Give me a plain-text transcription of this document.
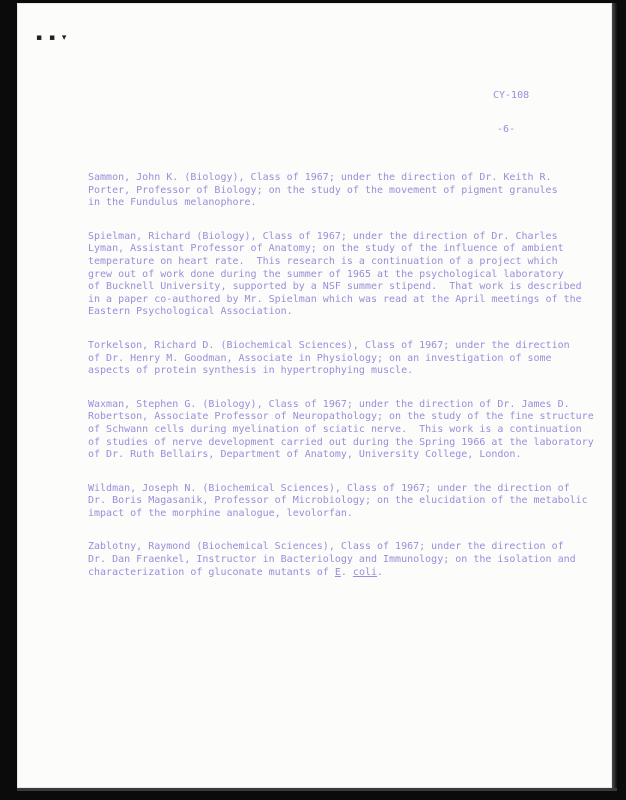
▪ ▪ ▾
CY-108
-6-
Sammon, John K. (Biology), Class of 1967; under the direction of Dr. Keith R.
Porter, Professor of Biology; on the study of the movement of pigment granules
in the Fundulus melanophore.
Spielman, Richard (Biology), Class of 1967; under the direction of Dr. Charles
Lyman, Assistant Professor of Anatomy; on the study of the influence of ambient
temperature on heart rate.  This research is a continuation of a project which
grew out of work done during the summer of 1965 at the psychological laboratory
of Bucknell University, supported by a NSF summer stipend.  That work is described
in a paper co-authored by Mr. Spielman which was read at the April meetings of the
Eastern Psychological Association.
Torkelson, Richard D. (Biochemical Sciences), Class of 1967; under the direction
of Dr. Henry M. Goodman, Associate in Physiology; on an investigation of some
aspects of protein synthesis in hypertrophying muscle.
Waxman, Stephen G. (Biology), Class of 1967; under the direction of Dr. James D.
Robertson, Associate Professor of Neuropathology; on the study of the fine structure
of Schwann cells during myelination of sciatic nerve.  This work is a continuation
of studies of nerve development carried out during the Spring 1966 at the laboratory
of Dr. Ruth Bellairs, Department of Anatomy, University College, London.
Wildman, Joseph N. (Biochemical Sciences), Class of 1967; under the direction of
Dr. Boris Magasanik, Professor of Microbiology; on the elucidation of the metabolic
impact of the morphine analogue, levolorfan.
Zablotny, Raymond (Biochemical Sciences), Class of 1967; under the direction of
Dr. Dan Fraenkel, Instructor in Bacteriology and Immunology; on the isolation and
characterization of gluconate mutants of E. coli.
